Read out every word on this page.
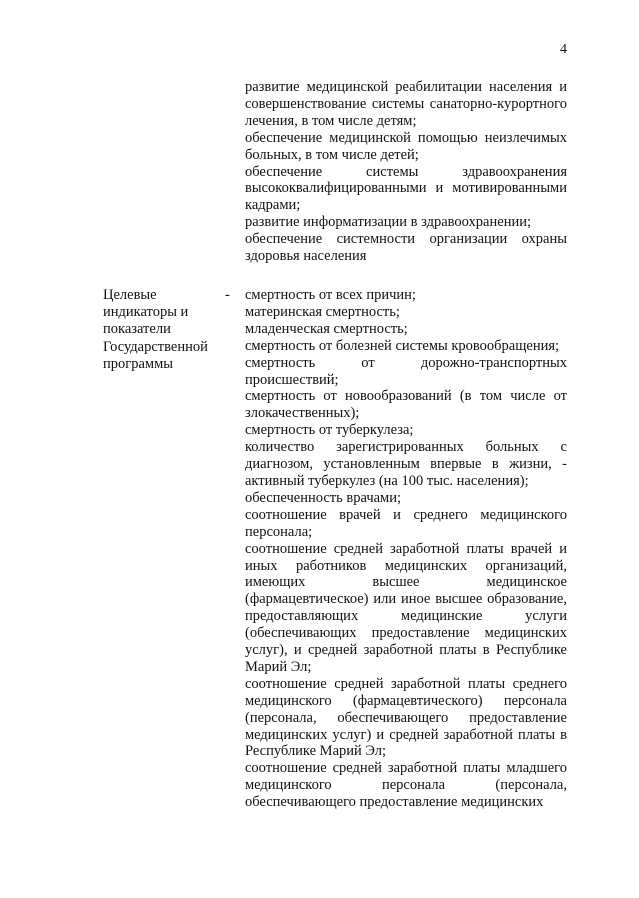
4

развитие медицинской реабилитации населения и совершенствование системы санаторно-курортного лечения, в том числе детям;

обеспечение медицинской помощью неизлечимых больных, в том числе детей;

обеспечение системы здравоохранения высококвалифицированными и мотивированными кадрами;

развитие информатизации в здравоохранении;

обеспечение системности организации охраны здоровья населения

Целевые
индикаторы и
показатели
Государственной
программы
- смертность от всех причин;

материнская смертность;

младенческая смертность;

смертность от болезней системы кровообращения;

смертность от дорожно-транспортных происшествий;

смертность от новообразований (в том числе от злокачественных);

смертность от туберкулеза;

количество зарегистрированных больных с диагнозом, установленным впервые в жизни, - активный туберкулез (на 100 тыс. населения);

обеспеченность врачами;

соотношение врачей и среднего медицинского персонала;

соотношение средней заработной платы врачей и иных работников медицинских организаций, имеющих высшее медицинское (фармацевтическое) или иное высшее образование, предоставляющих медицинские услуги (обеспечивающих предоставление медицинских услуг), и средней заработной платы в Республике Марий Эл;

соотношение средней заработной платы среднего медицинского (фармацевтического) персонала (персонала, обеспечивающего предоставление медицинских услуг) и средней заработной платы в Республике Марий Эл;

соотношение средней заработной платы младшего медицинского персонала (персонала, обеспечивающего предоставление медицинских
